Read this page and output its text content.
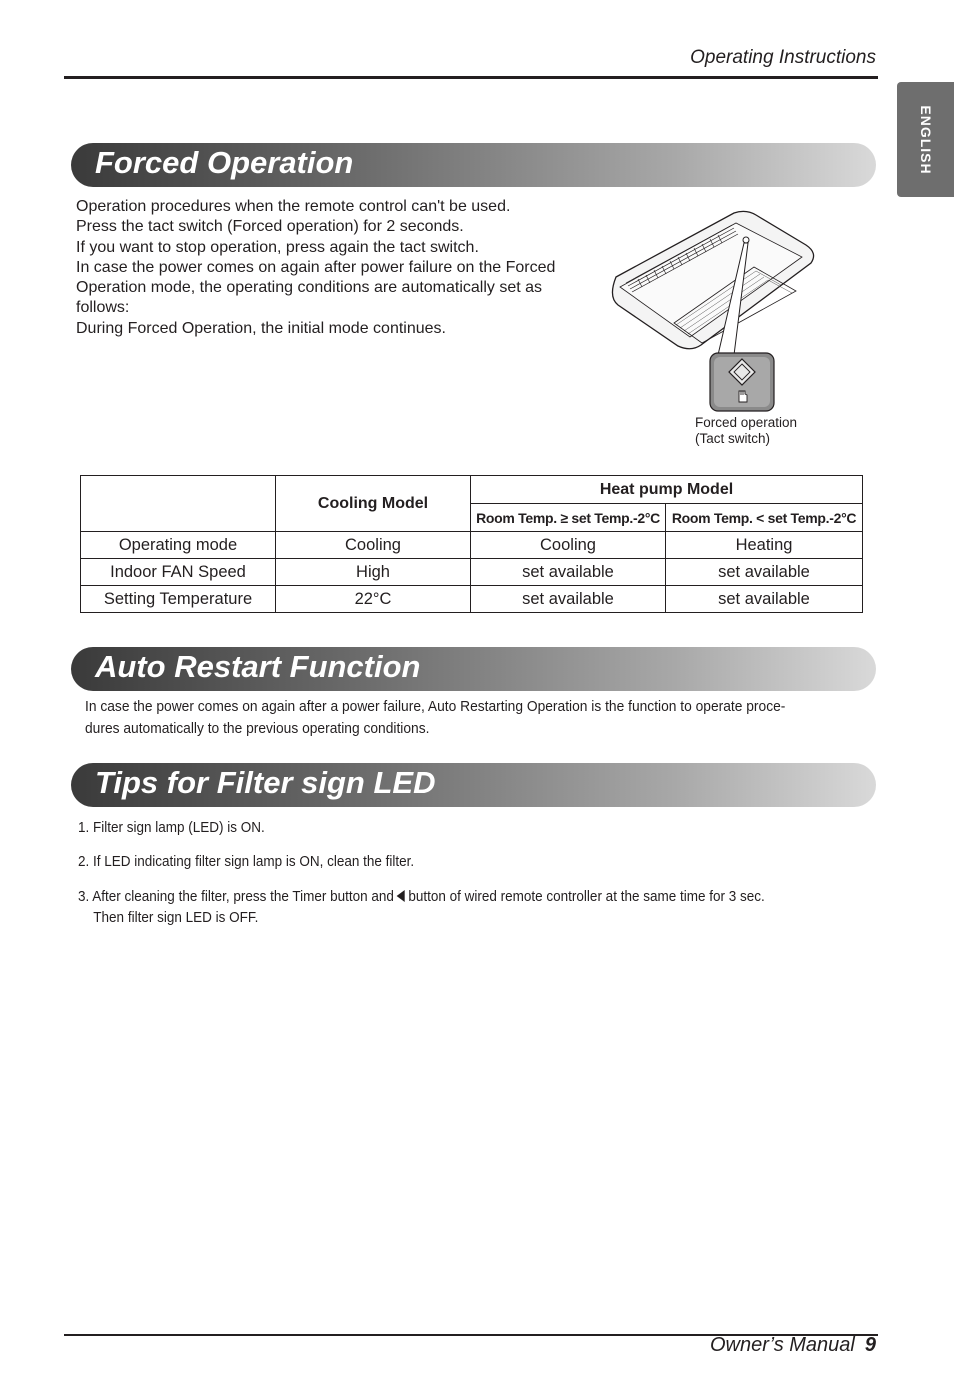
Operating Instructions
ENGLISH
Forced Operation

Operation procedures when the remote control can't be used.

Press the tact switch (Forced operation) for 2 seconds.

If you want to stop operation, press again the tact switch.

In case the power comes on again after power failure on the Forced

Operation mode, the operating conditions are automatically set as

follows:

During Forced Operation, the initial mode continues.

Forced operation

(Tact switch)

	Cooling Model	Heat pump Model	
		Room Temp. ≥ set Temp.-2°C	Room Temp. < set Temp.-2°C
Operating mode	Cooling	Cooling	Heating
Indoor FAN Speed	High	set available	set available
Setting Temperature	22°C	set available	set available
Auto Restart Function

In case the power comes on again after a power failure, Auto Restarting Operation is the function to operate proce-

dures automatically to the previous operating conditions.

Tips for Filter sign LED

1. Filter sign lamp (LED) is ON.

2. If LED indicating filter sign lamp is ON, clean the filter.

3. After cleaning the filter, press the Timer button and button of wired remote controller at the same time for 3 sec.

Then filter sign LED is OFF.

Owner’s Manual 9
